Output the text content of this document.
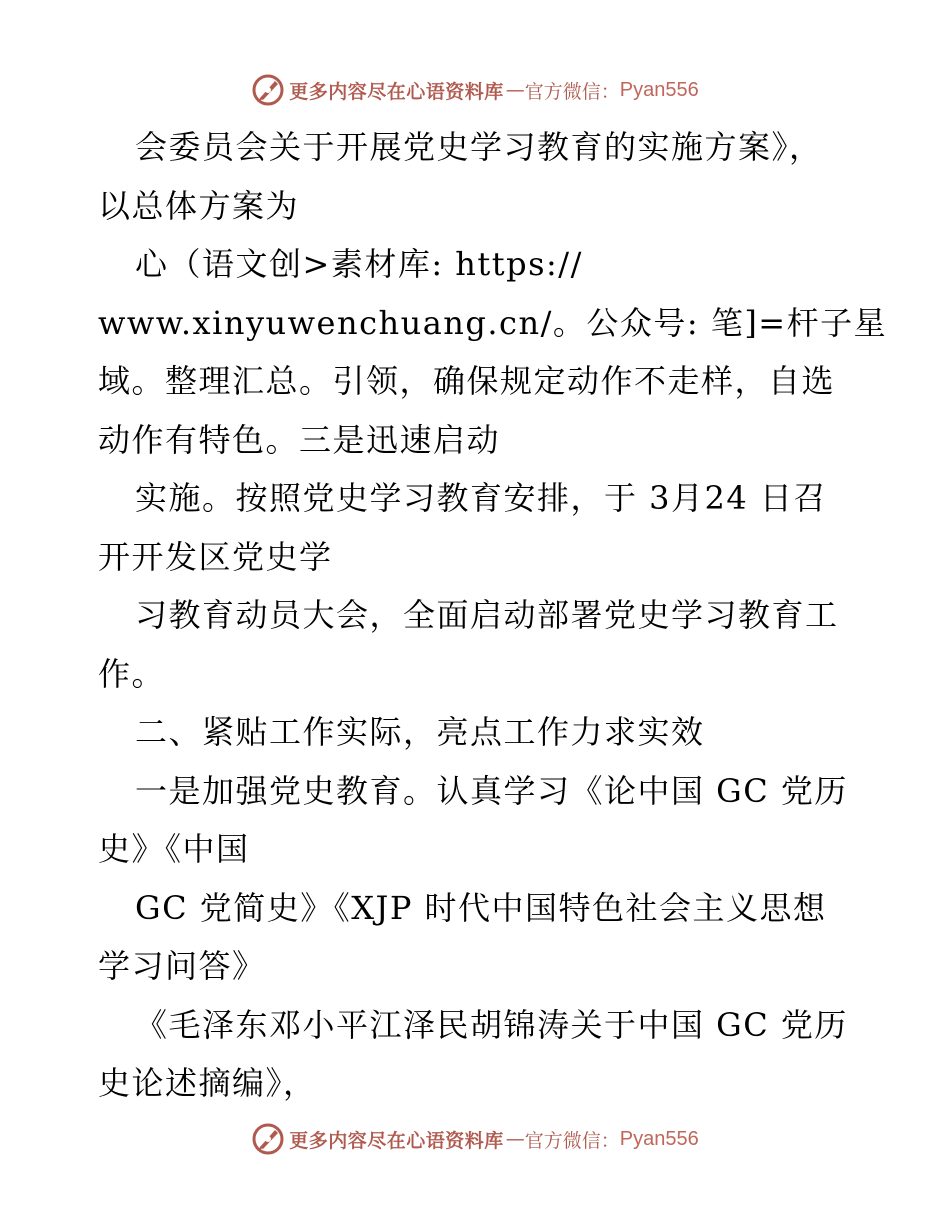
更多内容尽在心语资料库 — 官方微信： Pyan556
会委员会关于开展党史学习教育的实施方案》，
以总体方案为
心（语文创>素材库: https://
www.xinyuwenchuang.cn/。公众号: 笔]=杆子星
域。整理汇总。引领，确保规定动作不走样，自选
动作有特色。三是迅速启动
实施。按照党史学习教育安排，于 3月24 日召
开开发区党史学
习教育动员大会，全面启动部署党史学习教育工
作。
二、紧贴工作实际，亮点工作力求实效
一是加强党史教育。认真学习《论中国 GC 党历
史》《中国
GC 党简史》《XJP 时代中国特色社会主义思想
学习问答》
《毛泽东邓小平江泽民胡锦涛关于中国 GC 党历
史论述摘编》，
更多内容尽在心语资料库 — 官方微信： Pyan556
